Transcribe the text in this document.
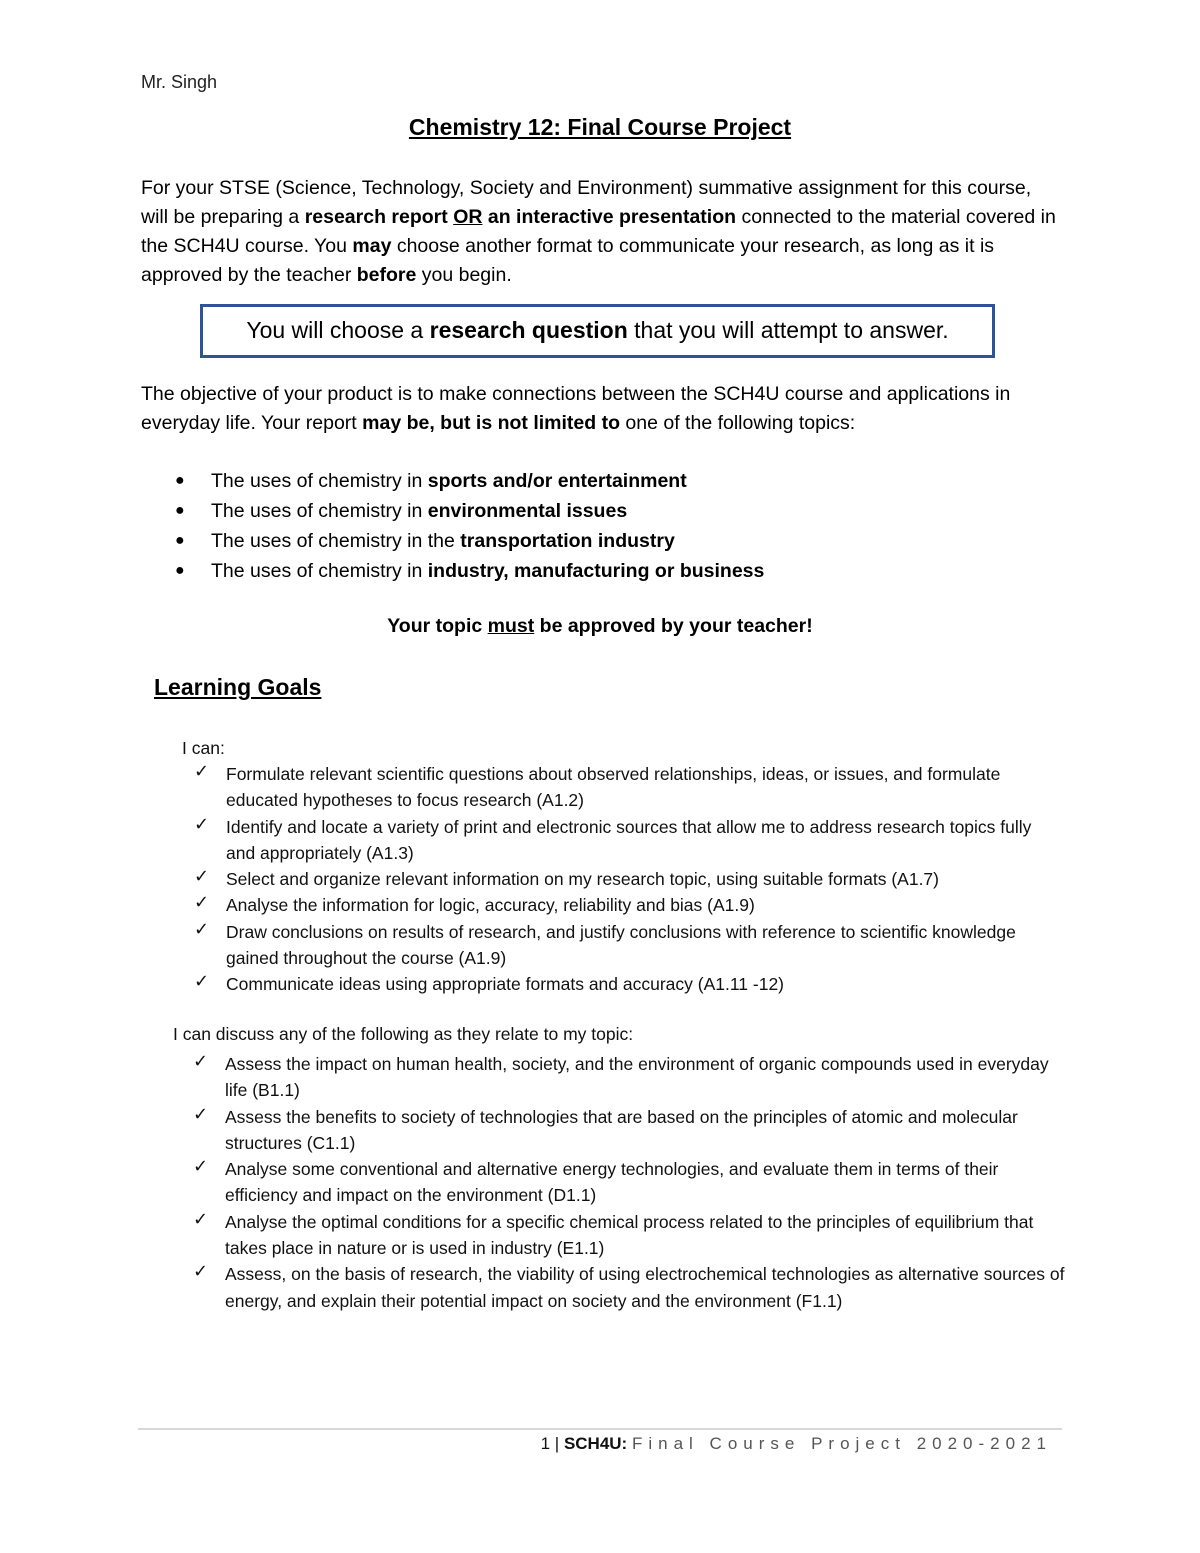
Mr. Singh
Chemistry 12: Final Course Project
For your STSE (Science, Technology, Society and Environment) summative assignment for this course, will be preparing a research report OR an interactive presentation connected to the material covered in the SCH4U course. You may choose another format to communicate your research, as long as it is approved by the teacher before you begin.
You will choose a research question that you will attempt to answer.
The objective of your product is to make connections between the SCH4U course and applications in everyday life. Your report may be, but is not limited to one of the following topics:
● The uses of chemistry in sports and/or entertainment
● The uses of chemistry in environmental issues
● The uses of chemistry in the transportation industry
● The uses of chemistry in industry, manufacturing or business
Your topic must be approved by your teacher!
Learning Goals
I can:
✓ Formulate relevant scientific questions about observed relationships, ideas, or issues, and formulate educated hypotheses to focus research (A1.2)
✓ Identify and locate a variety of print and electronic sources that allow me to address research topics fully and appropriately (A1.3)
✓ Select and organize relevant information on my research topic, using suitable formats (A1.7)
✓ Analyse the information for logic, accuracy, reliability and bias (A1.9)
✓ Draw conclusions on results of research, and justify conclusions with reference to scientific knowledge gained throughout the course (A1.9)
✓ Communicate ideas using appropriate formats and accuracy (A1.11 -12)
I can discuss any of the following as they relate to my topic:
✓ Assess the impact on human health, society, and the environment of organic compounds used in everyday life (B1.1)
✓ Assess the benefits to society of technologies that are based on the principles of atomic and molecular structures (C1.1)
✓ Analyse some conventional and alternative energy technologies, and evaluate them in terms of their efficiency and impact on the environment (D1.1)
✓ Analyse the optimal conditions for a specific chemical process related to the principles of equilibrium that takes place in nature or is used in industry (E1.1)
✓ Assess, on the basis of research, the viability of using electrochemical technologies as alternative sources of energy, and explain their potential impact on society and the environment (F1.1)
1 | SCH4U: Final Course Project 2020-2021
